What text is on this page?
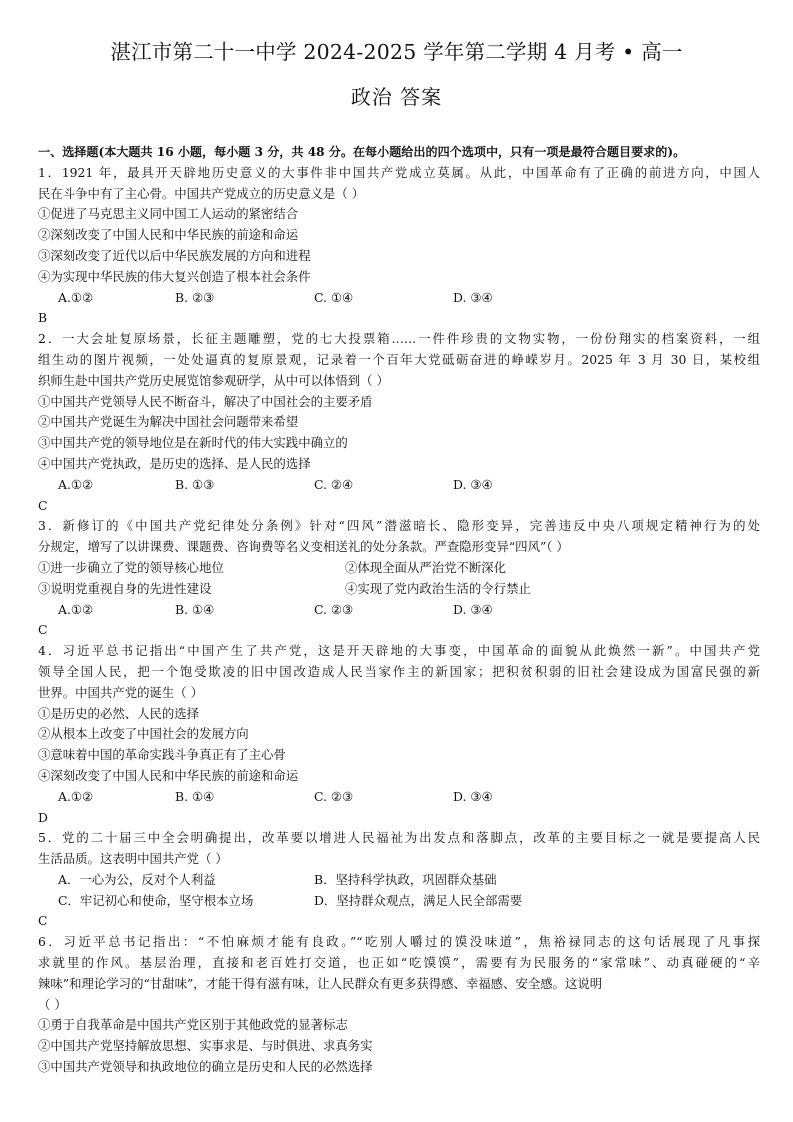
湛江市第二十一中学 2024-2025 学年第二学期 4 月考 • 高一
政治 答案
一、选择题(本大题共 16 小题，每小题 3 分，共 48 分。在每小题给出的四个选项中，只有一项是最符合题目要求的)。
1．1921 年，最具开天辟地历史意义的大事件非中国共产党成立莫属。从此，中国革命有了正确的前进方向，中国人
民在斗争中有了主心骨。中国共产党成立的历史意义是（ ）
①促进了马克思主义同中国工人运动的紧密结合
②深刻改变了中国人民和中华民族的前途和命运
③深刻改变了近代以后中华民族发展的方向和进程
④为实现中华民族的伟大复兴创造了根本社会条件
A.①②	B. ②③	C. ①④	D. ③④
B
2．一大会址复原场景，长征主题雕塑，党的七大投票箱……一件件珍贵的文物实物，一份份翔实的档案资料，一组
组生动的图片视频，一处处逼真的复原景观，记录着一个百年大党砥砺奋进的峥嵘岁月。2025 年 3 月 30 日，某校组
织师生赴中国共产党历史展览馆参观研学，从中可以体悟到（ ）
①中国共产党领导人民不断奋斗，解决了中国社会的主要矛盾
②中国共产党诞生为解决中国社会问题带来希望
③中国共产党的领导地位是在新时代的伟大实践中确立的
④中国共产党执政，是历史的选择、是人民的选择
A.①②	B. ①③	C. ②④	D. ③④
C
3．新修订的《中国共产党纪律处分条例》针对“四风”潜滋暗长、隐形变异，完善违反中央八项规定精神行为的处
分规定，增写了以讲课费、课题费、咨询费等名义变相送礼的处分条款。严查隐形变异“四风”（ ）
①进一步确立了党的领导核心地位	②体现全面从严治党不断深化
③说明党重视自身的先进性建设	④实现了党内政治生活的令行禁止
A.①②	B. ①④	C. ②③	D. ③④
C
4．习近平总书记指出“中国产生了共产党，这是开天辟地的大事变，中国革命的面貌从此焕然一新”。中国共产党
领导全国人民，把一个饱受欺凌的旧中国改造成人民当家作主的新国家；把积贫积弱的旧社会建设成为国富民强的新
世界。中国共产党的诞生（ ）
①是历史的必然、人民的选择
②从根本上改变了中国社会的发展方向
③意味着中国的革命实践斗争真正有了主心骨
④深刻改变了中国人民和中华民族的前途和命运
A.①②	B. ①④	C. ②③	D. ③④
D
5．党的二十届三中全会明确提出，改革要以增进人民福祉为出发点和落脚点，改革的主要目标之一就是要提高人民
生活品质。这表明中国共产党（ ）
A．一心为公，反对个人利益	B．坚持科学执政，巩固群众基础
C．牢记初心和使命，坚守根本立场	D．坚持群众观点，满足人民全部需要
C
6．习近平总书记指出：“不怕麻烦才能有良政。”“吃别人嚼过的馍没味道”，焦裕禄同志的这句话展现了凡事探
求就里的作风。基层治理，直接和老百姓打交道，也正如“吃馍馍”，需要有为民服务的“家常味”、动真碰硬的“辛
辣味”和理论学习的“甘甜味”，才能干得有滋有味，让人民群众有更多获得感、幸福感、安全感。这说明
（ ）
①勇于自我革命是中国共产党区别于其他政党的显著标志
②中国共产党坚持解放思想、实事求是、与时俱进、求真务实
③中国共产党领导和执政地位的确立是历史和人民的必然选择
